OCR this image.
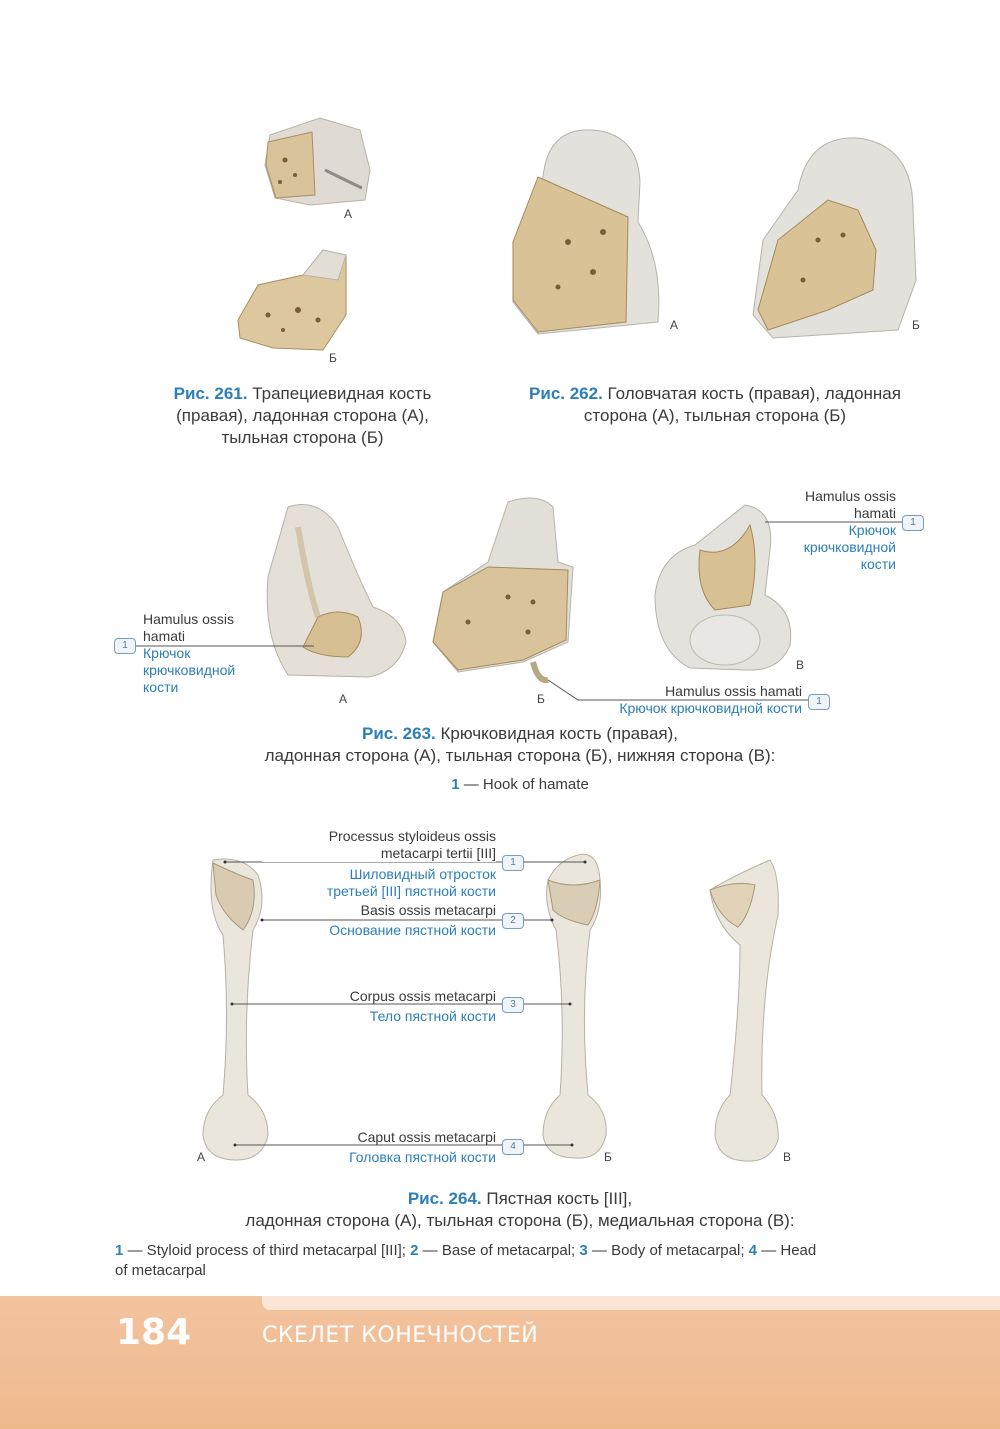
А
Б
Рис. 261. Трапециевидная кость (правая), ладонная сторона (А), тыльная сторона (Б)
А	Б
Рис. 262. Головчатая кость (правая), ладонная сторона (А), тыльная сторона (Б)
А	Б
В
Hamulus ossis
hamati
Крючок
крючковидной
кости
1
Hamulus ossis
hamati
Крючок
крючковидной
кости
1
Hamulus ossis hamati
Крючок крючковидной кости	1
Рис. 263. Крючковидная кость (правая),
ладонная сторона (А), тыльная сторона (Б), нижняя сторона (В):
1 — Hook of hamate
А	Б	В
Processus styloideus ossis
metacarpi tertii [III]
Шиловидный отросток
третьей [III] пястной кости
1
Basis ossis metacarpi
Основание пястной кости
2
Corpus ossis metacarpi
Тело пястной кости
3
Caput ossis metacarpi
Головка пястной кости
4
Рис. 264. Пястная кость [III],
ладонная сторона (А), тыльная сторона (Б), медиальная сторона (В):
1 — Styloid process of third metacarpal [III]; 2 — Base of metacarpal; 3 — Body of metacarpal; 4 — Head
of metacarpal
184	СКЕЛЕТ КОНЕЧНОСТЕЙ
